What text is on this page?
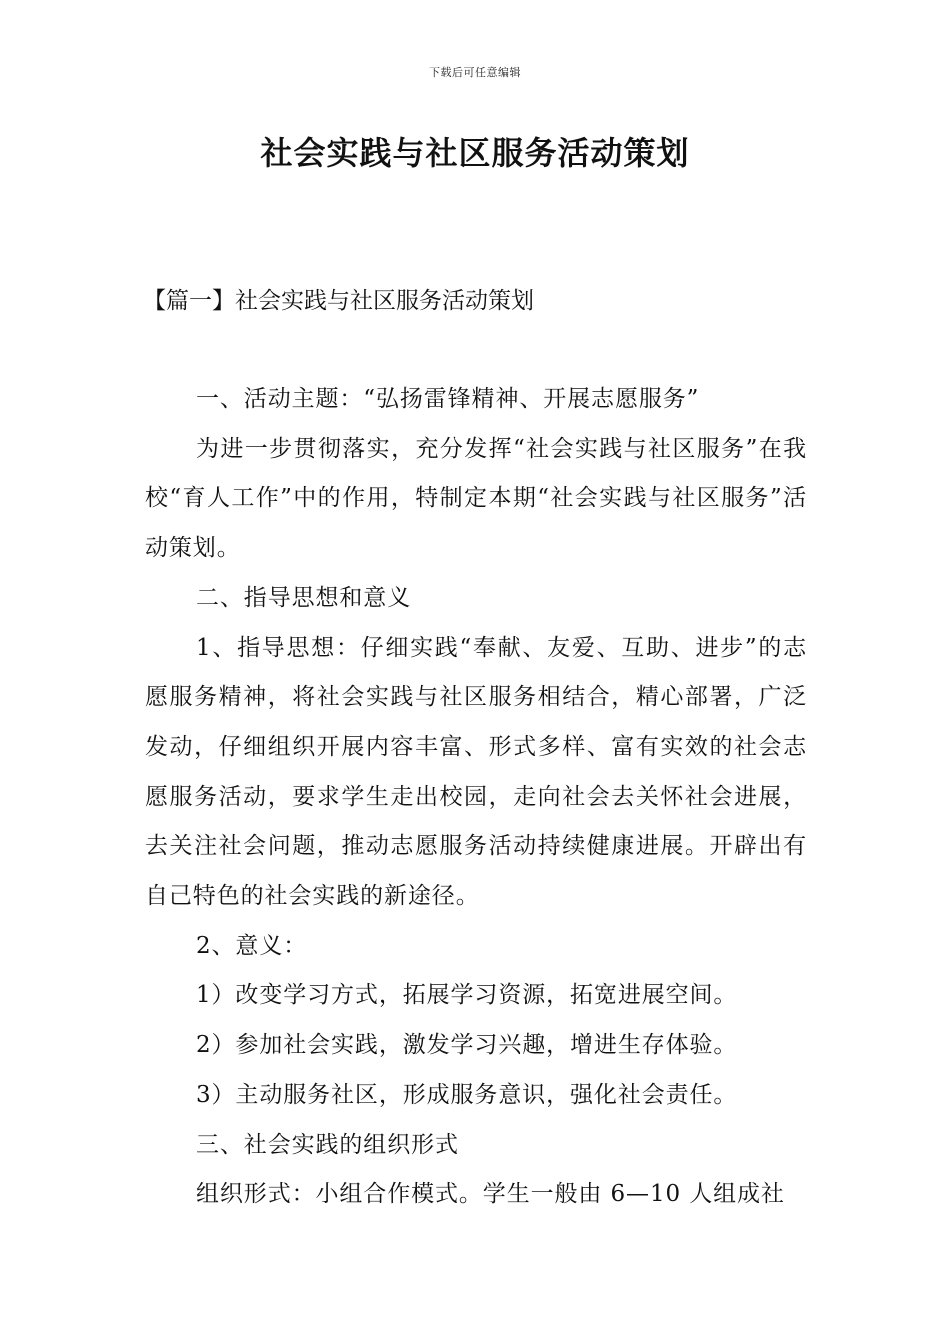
下载后可任意编辑
社会实践与社区服务活动策划
【篇一】社会实践与社区服务活动策划

一、活动主题：“弘扬雷锋精神、开展志愿服务”

为进一步贯彻落实，充分发挥“社会实践与社区服务”在我校“育人工作”中的作用，特制定本期“社会实践与社区服务”活动策划。

二、指导思想和意义

1、指导思想：仔细实践“奉献、友爱、互助、进步”的志愿服务精神，将社会实践与社区服务相结合，精心部署，广泛发动，仔细组织开展内容丰富、形式多样、富有实效的社会志愿服务活动，要求学生走出校园，走向社会去关怀社会进展，去关注社会问题，推动志愿服务活动持续健康进展。开辟出有自己特色的社会实践的新途径。

2、意义：

1）改变学习方式，拓展学习资源，拓宽进展空间。

2）参加社会实践，激发学习兴趣，增进生存体验。

3）主动服务社区，形成服务意识，强化社会责任。

三、社会实践的组织形式

组织形式：小组合作模式。学生一般由 6—10 人组成社
